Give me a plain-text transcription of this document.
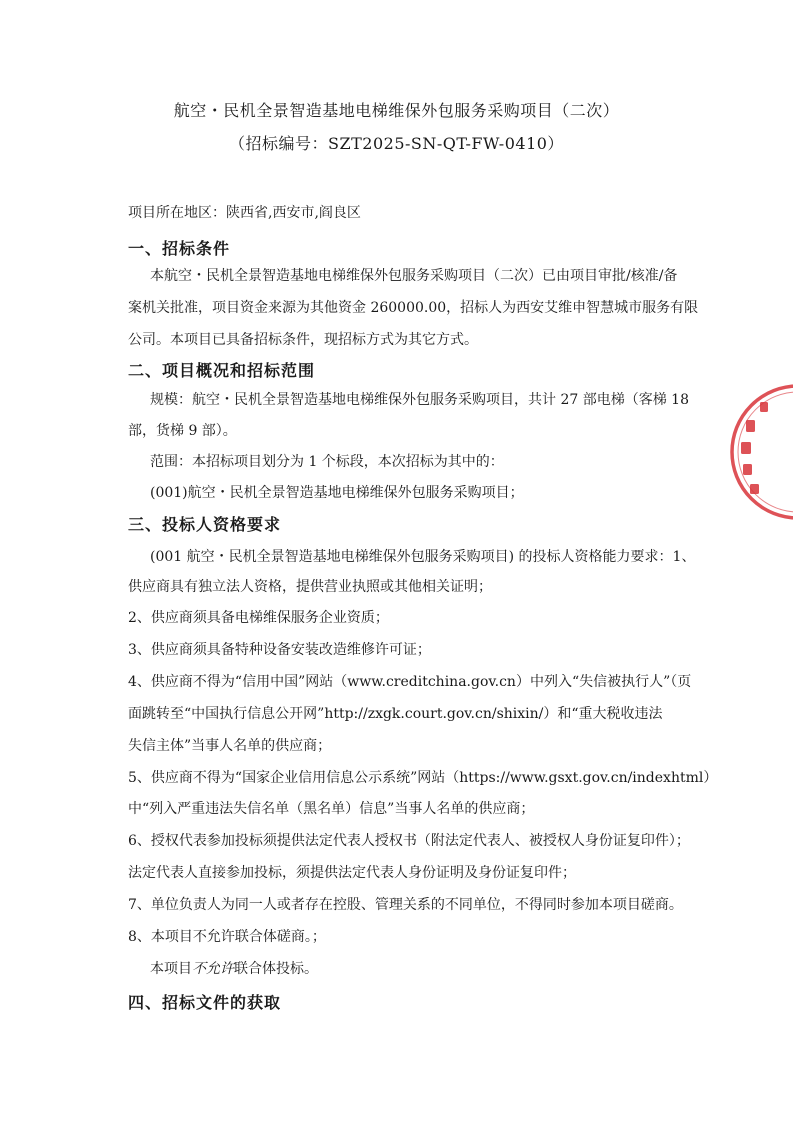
航空・民机全景智造基地电梯维保外包服务采购项目（二次）
（招标编号：SZT2025-SN-QT-FW-0410）
项目所在地区：陕西省,西安市,阎良区
一、招标条件
本航空・民机全景智造基地电梯维保外包服务采购项目（二次）已由项目审批/核准/备
案机关批准，项目资金来源为其他资金 260000.00，招标人为西安艾维申智慧城市服务有限
公司。本项目已具备招标条件，现招标方式为其它方式。
二、项目概况和招标范围
规模：航空・民机全景智造基地电梯维保外包服务采购项目，共计 27 部电梯（客梯 18
部，货梯 9 部）。
范围：本招标项目划分为 1 个标段，本次招标为其中的：
(001)航空・民机全景智造基地电梯维保外包服务采购项目；
三、投标人资格要求
(001 航空・民机全景智造基地电梯维保外包服务采购项目) 的投标人资格能力要求：1、
供应商具有独立法人资格，提供营业执照或其他相关证明；
2、供应商须具备电梯维保服务企业资质；
3、供应商须具备特种设备安装改造维修许可证；
4、供应商不得为“信用中国”网站（www.creditchina.gov.cn）中列入“失信被执行人”（页
面跳转至“中国执行信息公开网”http://zxgk.court.gov.cn/shixin/）和“重大税收违法
失信主体”当事人名单的供应商；
5、供应商不得为“国家企业信用信息公示系统”网站（https://www.gsxt.gov.cn/indexhtml）
中“列入严重违法失信名单（黑名单）信息”当事人名单的供应商；
6、授权代表参加投标须提供法定代表人授权书（附法定代表人、被授权人身份证复印件）；
法定代表人直接参加投标，须提供法定代表人身份证明及身份证复印件；
7、单位负责人为同一人或者存在控股、管理关系的不同单位，不得同时参加本项目磋商。
8、本项目不允许联合体磋商。；
本项目不允许联合体投标。
四、招标文件的获取
